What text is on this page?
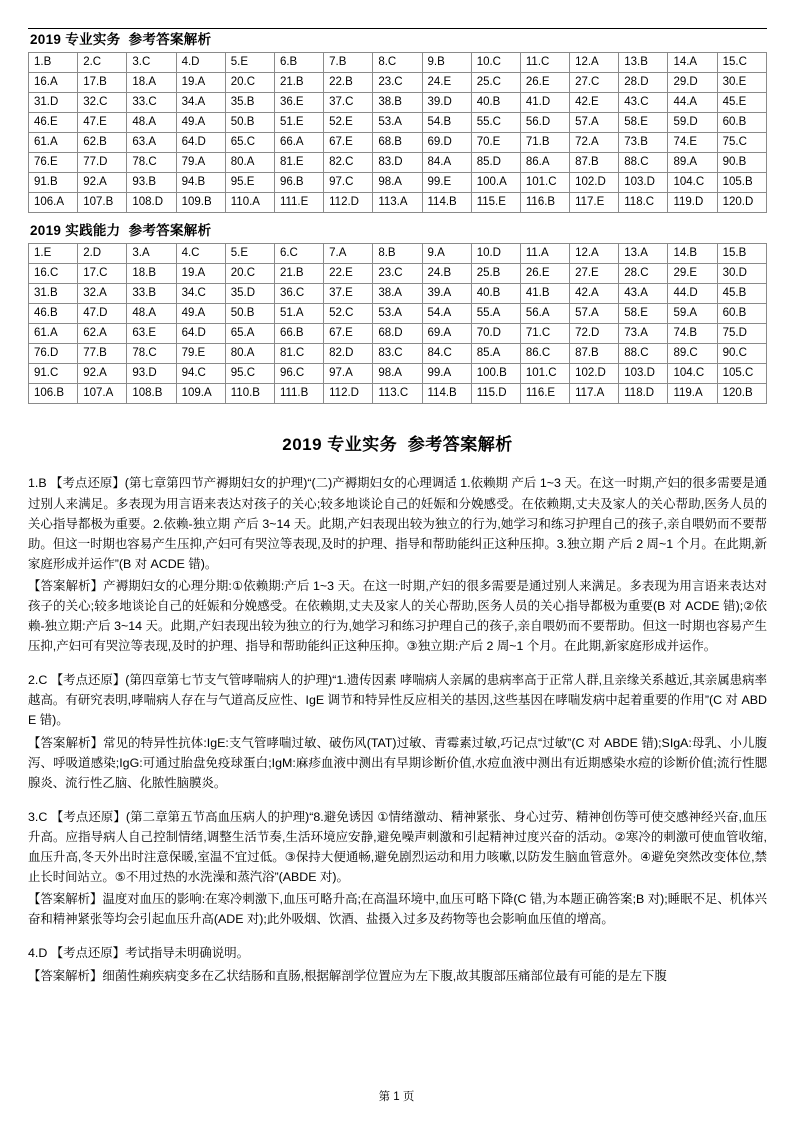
2019 专业实务  参考答案解析
1.B	2.C	3.C	4.D	5.E	6.B	7.B	8.C	9.B	10.C	11.C	12.A	13.B	14.A	15.C
16.A	17.B	18.A	19.A	20.C	21.B	22.B	23.C	24.E	25.C	26.E	27.C	28.D	29.D	30.E
31.D	32.C	33.C	34.A	35.B	36.E	37.C	38.B	39.D	40.B	41.D	42.E	43.C	44.A	45.E
46.E	47.E	48.A	49.A	50.B	51.E	52.E	53.A	54.B	55.C	56.D	57.A	58.E	59.D	60.B
61.A	62.B	63.A	64.D	65.C	66.A	67.E	68.B	69.D	70.E	71.B	72.A	73.B	74.E	75.C
76.E	77.D	78.C	79.A	80.A	81.E	82.C	83.D	84.A	85.D	86.A	87.B	88.C	89.A	90.B
91.B	92.A	93.B	94.B	95.E	96.B	97.C	98.A	99.E	100.A	101.C	102.D	103.D	104.C	105.B
106.A	107.B	108.D	109.B	110.A	111.E	112.D	113.A	114.B	115.E	116.B	117.E	118.C	119.D	120.D
2019 实践能力  参考答案解析
1.E	2.D	3.A	4.C	5.E	6.C	7.A	8.B	9.A	10.D	11.A	12.A	13.A	14.B	15.B
16.C	17.C	18.B	19.A	20.C	21.B	22.E	23.C	24.B	25.B	26.E	27.E	28.C	29.E	30.D
31.B	32.A	33.B	34.C	35.D	36.C	37.E	38.A	39.A	40.B	41.B	42.A	43.A	44.D	45.B
46.B	47.D	48.A	49.A	50.B	51.A	52.C	53.A	54.A	55.A	56.A	57.A	58.E	59.A	60.B
61.A	62.A	63.E	64.D	65.A	66.B	67.E	68.D	69.A	70.D	71.C	72.D	73.A	74.B	75.D
76.D	77.B	78.C	79.E	80.A	81.C	82.D	83.C	84.C	85.A	86.C	87.B	88.C	89.C	90.C
91.C	92.A	93.D	94.C	95.C	96.C	97.A	98.A	99.A	100.B	101.C	102.D	103.D	104.C	105.C
106.B	107.A	108.B	109.A	110.B	111.B	112.D	113.C	114.B	115.D	116.E	117.A	118.D	119.A	120.B
2019 专业实务  参考答案解析

1.B 【考点还原】(第七章第四节产褥期妇女的护理)“(二)产褥期妇女的心理调适 1.依赖期 产后 1~3 天。在这一时期,产妇的很多需要是通过别人来满足。多表现为用言语来表达对孩子的关心;较多地谈论自己的妊娠和分娩感受。在依赖期,丈夫及家人的关心帮助,医务人员的关心指导都极为重要。2.依赖-独立期 产后 3~14 天。此期,产妇表现出较为独立的行为,她学习和练习护理自己的孩子,亲自喂奶而不要帮助。但这一时期也容易产生压抑,产妇可有哭泣等表现,及时的护理、指导和帮助能纠正这种压抑。3.独立期 产后 2 周~1 个月。在此期,新家庭形成并运作”(B 对 ACDE 错)。

【答案解析】产褥期妇女的心理分期:①依赖期:产后 1~3 天。在这一时期,产妇的很多需要是通过别人来满足。多表现为用言语来表达对孩子的关心;较多地谈论自己的妊娠和分娩感受。在依赖期,丈夫及家人的关心帮助,医务人员的关心指导都极为重要(B 对 ACDE 错);②依赖-独立期:产后 3~14 天。此期,产妇表现出较为独立的行为,她学习和练习护理自己的孩子,亲自喂奶而不要帮助。但这一时期也容易产生压抑,产妇可有哭泣等表现,及时的护理、指导和帮助能纠正这种压抑。③独立期:产后 2 周~1 个月。在此期,新家庭形成并运作。

2.C 【考点还原】(第四章第七节支气管哮喘病人的护理)“1.遗传因素 哮喘病人亲属的患病率高于正常人群,且亲缘关系越近,其亲属患病率越高。有研究表明,哮喘病人存在与气道高反应性、IgE 调节和特异性反应相关的基因,这些基因在哮喘发病中起着重要的作用”(C 对 ABDE 错)。

【答案解析】常见的特异性抗体:IgE:支气管哮喘过敏、破伤风(TAT)过敏、青霉素过敏,巧记点“过敏”(C 对 ABDE 错);SIgA:母乳、小儿腹泻、呼吸道感染;IgG:可通过胎盘免疫球蛋白;IgM:麻疹血液中测出有早期诊断价值,水痘血液中测出有近期感染水痘的诊断价值;流行性腮腺炎、流行性乙脑、化脓性脑膜炎。

3.C 【考点还原】(第二章第五节高血压病人的护理)“8.避免诱因 ①情绪激动、精神紧张、身心过劳、精神创伤等可使交感神经兴奋,血压升高。应指导病人自己控制情绪,调整生活节奏,生活环境应安静,避免噪声刺激和引起精神过度兴奋的活动。②寒冷的刺激可使血管收缩,血压升高,冬天外出时注意保暖,室温不宜过低。③保持大便通畅,避免剧烈运动和用力咳嗽,以防发生脑血管意外。④避免突然改变体位,禁止长时间站立。⑤不用过热的水洗澡和蒸汽浴”(ABDE 对)。

【答案解析】温度对血压的影响:在寒冷刺激下,血压可略升高;在高温环境中,血压可略下降(C 错,为本题正确答案;B 对);睡眠不足、机体兴奋和精神紧张等均会引起血压升高(ADE 对);此外吸烟、饮酒、盐摄入过多及药物等也会影响血压值的增高。

4.D 【考点还原】考试指导未明确说明。

【答案解析】细菌性痢疾病变多在乙状结肠和直肠,根据解剖学位置应为左下腹,故其腹部压痛部位最有可能的是左下腹

第 1 页
